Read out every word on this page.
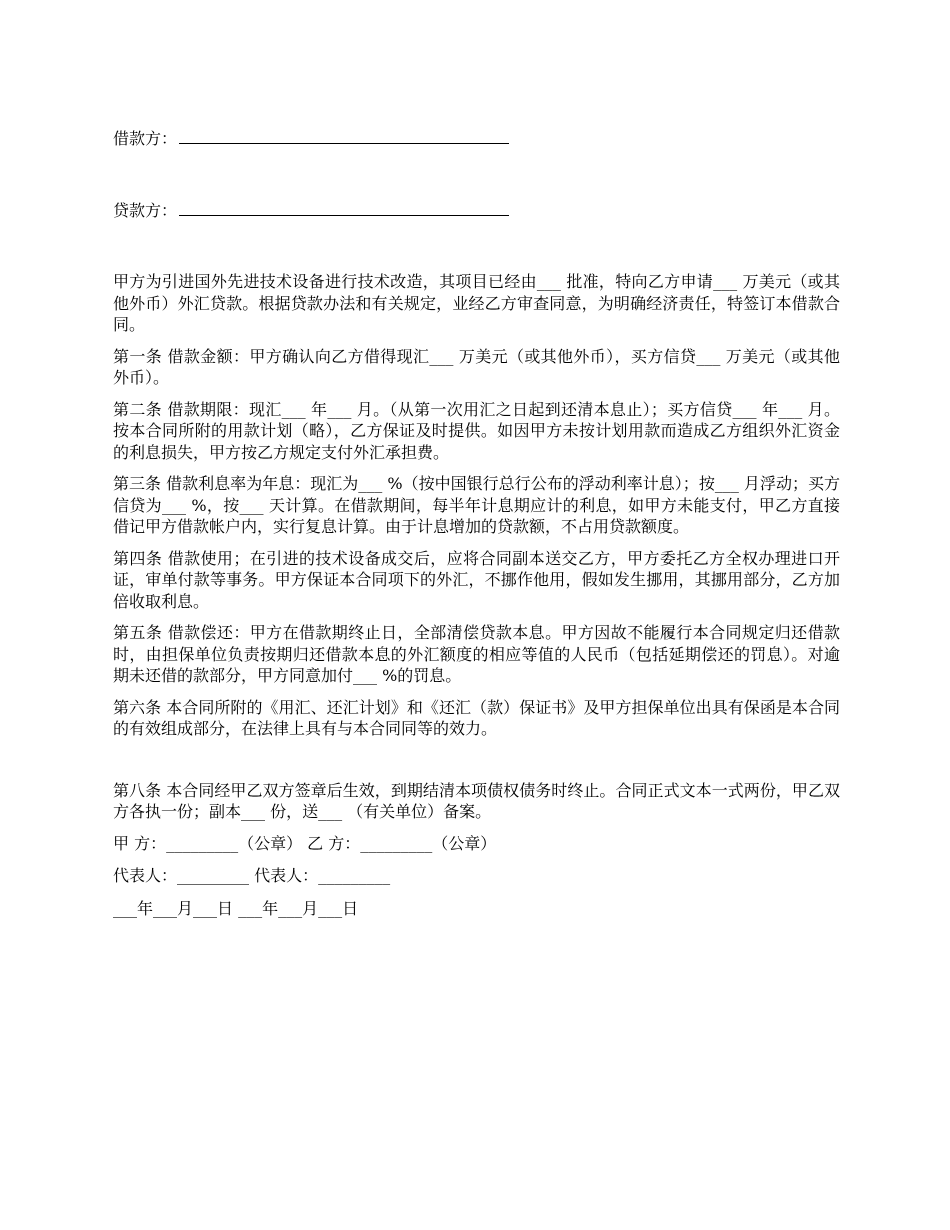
借款方：
贷款方：

甲方为引进国外先进技术设备进行技术改造，其项目已经由___ 批准，特向乙方申请___ 万美元（或其他外币）外汇贷款。根据贷款办法和有关规定，业经乙方审查同意，为明确经济责任，特签订本借款合同。

第一条 借款金额：甲方确认向乙方借得现汇___ 万美元（或其他外币），买方信贷___ 万美元（或其他外币）。

第二条 借款期限：现汇___ 年___ 月。（从第一次用汇之日起到还清本息止）；买方信贷___ 年___ 月。按本合同所附的用款计划（略），乙方保证及时提供。如因甲方未按计划用款而造成乙方组织外汇资金的利息损失，甲方按乙方规定支付外汇承担费。

第三条 借款利息率为年息：现汇为___ %（按中国银行总行公布的浮动利率计息）；按___ 月浮动；买方信贷为___ %，按___ 天计算。在借款期间，每半年计息期应计的利息，如甲方未能支付，甲乙方直接借记甲方借款帐户内，实行复息计算。由于计息增加的贷款额，不占用贷款额度。

第四条 借款使用；在引进的技术设备成交后，应将合同副本送交乙方，甲方委托乙方全权办理进口开证，审单付款等事务。甲方保证本合同项下的外汇，不挪作他用，假如发生挪用，其挪用部分，乙方加倍收取利息。

第五条 借款偿还：甲方在借款期终止日，全部清偿贷款本息。甲方因故不能履行本合同规定归还借款时，由担保单位负责按期归还借款本息的外汇额度的相应等值的人民币（包括延期偿还的罚息）。对逾期未还借的款部分，甲方同意加付___ %的罚息。

第六条 本合同所附的《用汇、还汇计划》和《还汇（款）保证书》及甲方担保单位出具有保函是本合同的有效组成部分，在法律上具有与本合同同等的效力。

第八条 本合同经甲乙双方签章后生效，到期结清本项债权债务时终止。合同正式文本一式两份，甲乙双方各执一份；副本___ 份，送___ （有关单位）备案。

甲 方：_________（公章） 乙 方：_________（公章）

代表人：_________ 代表人：_________

___年___月___日 ___年___月___日
